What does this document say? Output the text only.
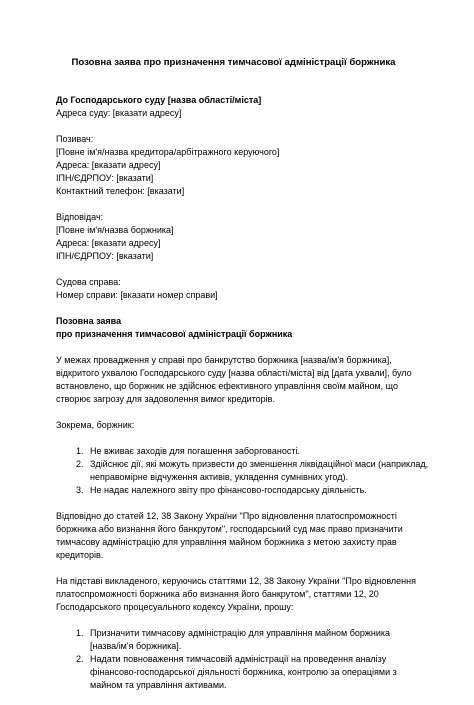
Позовна заява про призначення тимчасової адміністрації боржника
До Господарського суду [назва області/міста]
Адреса суду: [вказати адресу]
Позивач:
[Повне ім'я/назва кредитора/арбітражного керуючого]
Адреса: [вказати адресу]
ІПН/ЄДРПОУ: [вказати]
Контактний телефон: [вказати]
Відповідач:
[Повне ім'я/назва боржника]
Адреса: [вказати адресу]
ІПН/ЄДРПОУ: [вказати]
Судова справа:
Номер справи: [вказати номер справи]
Позовна заява
про призначення тимчасової адміністрації боржника
У межах провадження у справі про банкрутство боржника [назва/ім'я боржника],
відкритого ухвалою Господарського суду [назва області/міста] від [дата ухвали], було
встановлено, що боржник не здійснює ефективного управління своїм майном, що
створює загрозу для задоволення вимог кредиторів.
Зокрема, боржник:
1. Не вживає заходів для погашення заборгованості.
2. Здійснює дії, які можуть призвести до зменшення ліквідаційної маси (наприклад,
неправомірне відчуження активів, укладення сумнівних угод).
3. Не надає належного звіту про фінансово-господарську діяльність.
Відповідно до статей 12, 38 Закону України "Про відновлення платоспроможності
боржника або визнання його банкрутом", господарський суд має право призначити
тимчасову адміністрацію для управління майном боржника з метою захисту прав
кредиторів.
На підставі викладеного, керуючись статтями 12, 38 Закону України "Про відновлення
платоспроможності боржника або визнання його банкрутом", статтями 12, 20
Господарського процесуального кодексу України, прошу:
1. Призначити тимчасову адміністрацію для управління майном боржника
[назва/ім'я боржника].
2. Надати повноваження тимчасовій адміністрації на проведення аналізу
фінансово-господарської діяльності боржника, контролю за операціями з
майном та управління активами.
